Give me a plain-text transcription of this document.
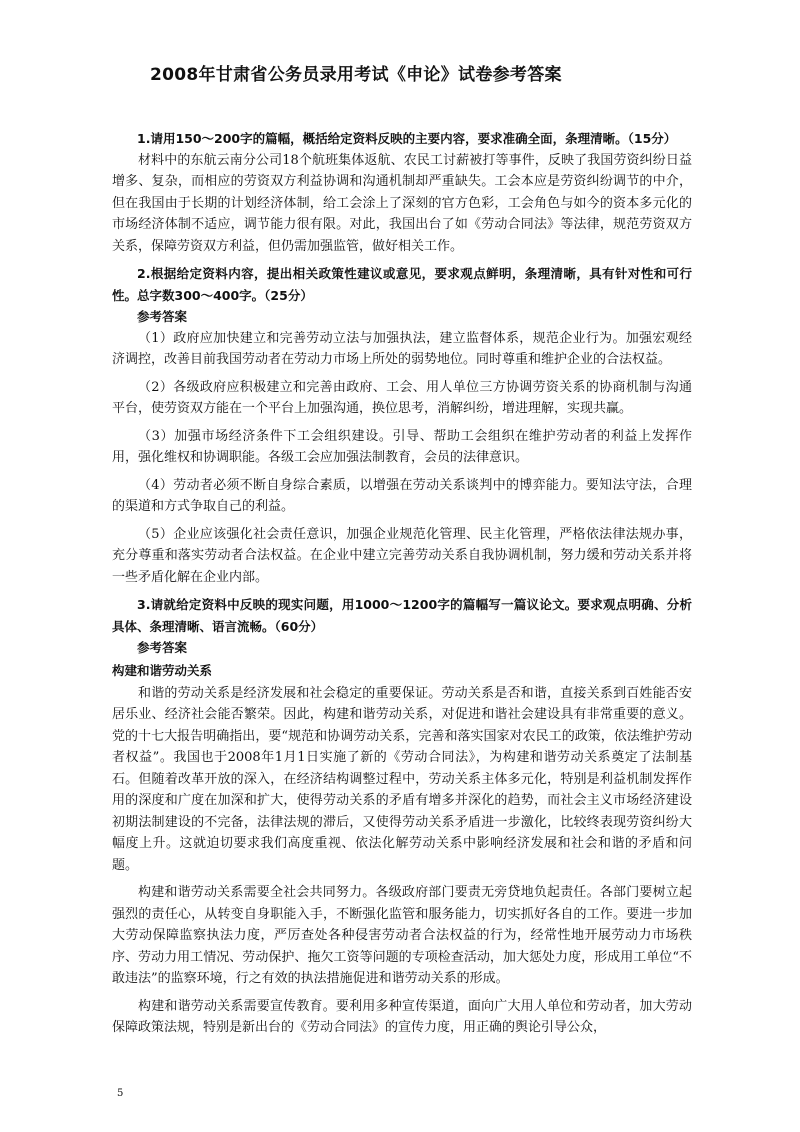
2008年甘肃省公务员录用考试《申论》试卷参考答案

1.请用150～200字的篇幅，概括给定资料反映的主要内容，要求准确全面，条理清晰。（15分）

材料中的东航云南分公司18个航班集体返航、农民工讨薪被打等事件，反映了我国劳资纠纷日益增多、复杂，而相应的劳资双方利益协调和沟通机制却严重缺失。工会本应是劳资纠纷调节的中介，但在我国由于长期的计划经济体制，给工会涂上了深刻的官方色彩，工会角色与如今的资本多元化的市场经济体制不适应，调节能力很有限。对此，我国出台了如《劳动合同法》等法律，规范劳资双方关系，保障劳资双方利益，但仍需加强监管，做好相关工作。

2.根据给定资料内容，提出相关政策性建议或意见，要求观点鲜明，条理清晰，具有针对性和可行性。总字数300～400字。（25分）

参考答案

（1）政府应加快建立和完善劳动立法与加强执法，建立监督体系，规范企业行为。加强宏观经济调控，改善目前我国劳动者在劳动力市场上所处的弱势地位。同时尊重和维护企业的合法权益。

（2）各级政府应积极建立和完善由政府、工会、用人单位三方协调劳资关系的协商机制与沟通平台，使劳资双方能在一个平台上加强沟通，换位思考，消解纠纷，增进理解，实现共赢。

（3）加强市场经济条件下工会组织建设。引导、帮助工会组织在维护劳动者的利益上发挥作用，强化维权和协调职能。各级工会应加强法制教育，会员的法律意识。

（4）劳动者必须不断自身综合素质，以增强在劳动关系谈判中的博弈能力。要知法守法，合理的渠道和方式争取自己的利益。

（5）企业应该强化社会责任意识，加强企业规范化管理、民主化管理，严格依法律法规办事，充分尊重和落实劳动者合法权益。在企业中建立完善劳动关系自我协调机制，努力缓和劳动关系并将一些矛盾化解在企业内部。

3.请就给定资料中反映的现实问题，用1000～1200字的篇幅写一篇议论文。要求观点明确、分析具体、条理清晰、语言流畅。（60分）

参考答案

构建和谐劳动关系

和谐的劳动关系是经济发展和社会稳定的重要保证。劳动关系是否和谐，直接关系到百姓能否安居乐业、经济社会能否繁荣。因此，构建和谐劳动关系，对促进和谐社会建设具有非常重要的意义。党的十七大报告明确指出，要“规范和协调劳动关系，完善和落实国家对农民工的政策，依法维护劳动者权益”。我国也于2008年1月1日实施了新的《劳动合同法》，为构建和谐劳动关系奠定了法制基石。但随着改革开放的深入，在经济结构调整过程中，劳动关系主体多元化，特别是利益机制发挥作用的深度和广度在加深和扩大，使得劳动关系的矛盾有增多并深化的趋势，而社会主义市场经济建设初期法制建设的不完备，法律法规的滞后，又使得劳动关系矛盾进一步激化，比较终表现劳资纠纷大幅度上升。这就迫切要求我们高度重视、依法化解劳动关系中影响经济发展和社会和谐的矛盾和问题。

构建和谐劳动关系需要全社会共同努力。各级政府部门要责无旁贷地负起责任。各部门要树立起强烈的责任心，从转变自身职能入手，不断强化监管和服务能力，切实抓好各自的工作。要进一步加大劳动保障监察执法力度，严厉查处各种侵害劳动者合法权益的行为，经常性地开展劳动力市场秩序、劳动力用工情况、劳动保护、拖欠工资等问题的专项检查活动，加大惩处力度，形成用工单位“不敢违法”的监察环境，行之有效的执法措施促进和谐劳动关系的形成。

构建和谐劳动关系需要宣传教育。要利用多种宣传渠道，面向广大用人单位和劳动者，加大劳动保障政策法规，特别是新出台的《劳动合同法》的宣传力度，用正确的舆论引导公众，

5
